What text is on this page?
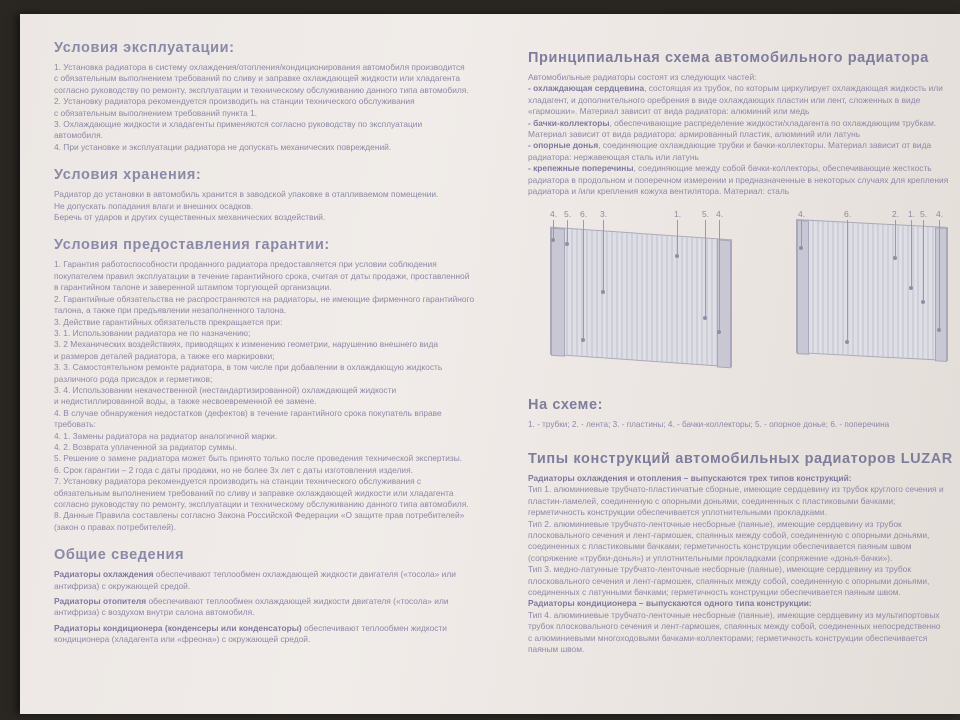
Условия эксплуатации:

1. Установка радиатора в систему охлаждения/отопления/кондиционирования автомобиля производится

с обязательным выполнением требований по сливу и заправке охлаждающей жидкости или хладагента

согласно руководству по ремонту, эксплуатации и техническому обслуживанию данного типа автомобиля.

2. Установку радиатора рекомендуется производить на станции технического обслуживания

с обязательным выполнением требований пункта 1.

3. Охлаждающие жидкости и хладагенты применяются согласно руководству по эксплуатации

автомобиля.

4. При установке и эксплуатации радиатора не допускать механических повреждений.

Условия хранения:

Радиатор до установки в автомобиль хранится в заводской упаковке в отапливаемом помещении.

Не допускать попадания влаги и внешних осадков.

Беречь от ударов и других существенных механических воздействий.

Условия предоставления гарантии:

1. Гарантия работоспособности проданного радиатора предоставляется при условии соблюдения

покупателем правил эксплуатации в течение гарантийного срока, считая от даты продажи, проставленной

в гарантийном талоне и заверенной штампом торгующей организации.

2. Гарантийные обязательства не распространяются на радиаторы, не имеющие фирменного гарантийного

талона, а также при предъявлении незаполненного талона.

3. Действие гарантийных обязательств прекращается при:

3. 1. Использовании радиатора не по назначению;

3. 2 Механических воздействиях, приводящих к изменению геометрии, нарушению внешнего вида

и размеров деталей радиатора, а также его маркировки;

3. 3. Самостоятельном ремонте радиатора, в том числе при добавлении в охлаждающую жидкость

различного рода присадок и герметиков;

3. 4. Использовании некачественной (нестандартизированной) охлаждающей жидкости

и недистиллированной воды, а также несвоевременной ее замене.

4. В случае обнаружения недостатков (дефектов) в течение гарантийного срока покупатель вправе

требовать:

4. 1. Замены радиатора на радиатор аналогичной марки.

4. 2. Возврата уплаченной за радиатор суммы.

5. Решение о замене радиатора может быть принято только после проведения технической экспертизы.

6. Срок гарантии – 2 года с даты продажи, но не более 3х лет с даты изготовления изделия.

7. Установку радиатора рекомендуется производить на станции технического обслуживания с

обязательным выполнением требований по сливу и заправке охлаждающей жидкости или хладагента

согласно руководству по ремонту, эксплуатации и техническому обслуживанию данного типа автомобиля.

8. Данные Правила составлены согласно Закона Российской Федерации «О защите прав потребителей»

(закон о правах потребителей).

Общие сведения

Радиаторы охлаждения обеспечивают теплообмен охлаждающей жидкости двигателя («тосола» или
антифриза) с окружающей средой.

Радиаторы отопителя обеспечивают теплообмен охлаждающей жидкости двигателя («тосола» или
антифриза) с воздухом внутри салона автомобиля.

Радиаторы кондиционера (конденсеры или конденсаторы) обеспечивают теплообмен жидкости
кондиционера (хладагента или «фреона») с окружающей средой.

Принципиальная схема автомобильного радиатора

Автомобильные радиаторы состоят из следующих частей:

- охлаждающая сердцевина, состоящая из трубок, по которым циркулирует охлаждающая жидкость или

хладагент, и дополнительного оребрения в виде охлаждающих пластин или лент, сложенных в виде

«гармошки». Материал зависит от вида радиатора: алюминий или медь

- бачки-коллекторы, обеспечивающие распределение жидкости/хладагента по охлаждающим трубкам.

Материал зависит от вида радиатора: армированный пластик, алюминий или латунь

- опорные донья, соединяющие охлаждающие трубки и бачки-коллекторы. Материал зависит от вида

радиатора: нержавеющая сталь или латунь

- крепежные поперечины, соединяющие между собой бачки-коллекторы, обеспечивающие жесткость

радиатора в продольном и поперечном измерении и предназначенные в некоторых случаях для крепления

радиатора и /или крепления кожуха вентилятора. Материал: сталь

4. 5. 6. 3.	1. 5. 4.	4.	6.	2. 1. 5. 4.
На схеме:

1. - трубки; 2. - лента; 3. - пластины; 4. - бачки-коллекторы; 5. - опорное донье; 6. - поперечина

Типы конструкций автомобильных радиаторов LUZAR

Радиаторы охлаждения и отопления – выпускаются трех типов конструкций:

Тип 1. алюминиевые трубчато-пластинчатые сборные, имеющие сердцевину из трубок круглого сечения и

пластин-ламелей, соединенную с опорными доньями, соединенных с пластиковыми бачками;

герметичность конструкции обеспечивается уплотнительными прокладками.

Тип 2. алюминиевые трубчато-ленточные несборные (паяные), имеющие сердцевину из трубок

плосковального сечения и лент-гармошек, спаянных между собой, соединенную с опорными доньями,

соединенных с пластиковыми бачками; герметичность конструкции обеспечивается паяным швом

(сопряжение «трубки-донья») и уплотнительными прокладками (сопряжение «донья-бачки»).

Тип 3. медно-латунные трубчато-ленточные несборные (паяные), имеющие сердцевину из трубок

плосковального сечения и лент-гармошек, спаянных между собой, соединенную с опорными доньями,

соединенных с латунными бачками; герметичность конструкции обеспечивается паяным швом.

Радиаторы кондиционера – выпускаются одного типа конструкции:

Тип 4. алюминиевые трубчато-ленточные несборные (паяные), имеющие сердцевину из мультипортовых

трубок плосковального сечения и лент-гармошек, спаянных между собой, соединенных непосредственно

с алюминиевыми многоходовыми бачками-коллекторами; герметичность конструкции обеспечивается

паяным швом.
